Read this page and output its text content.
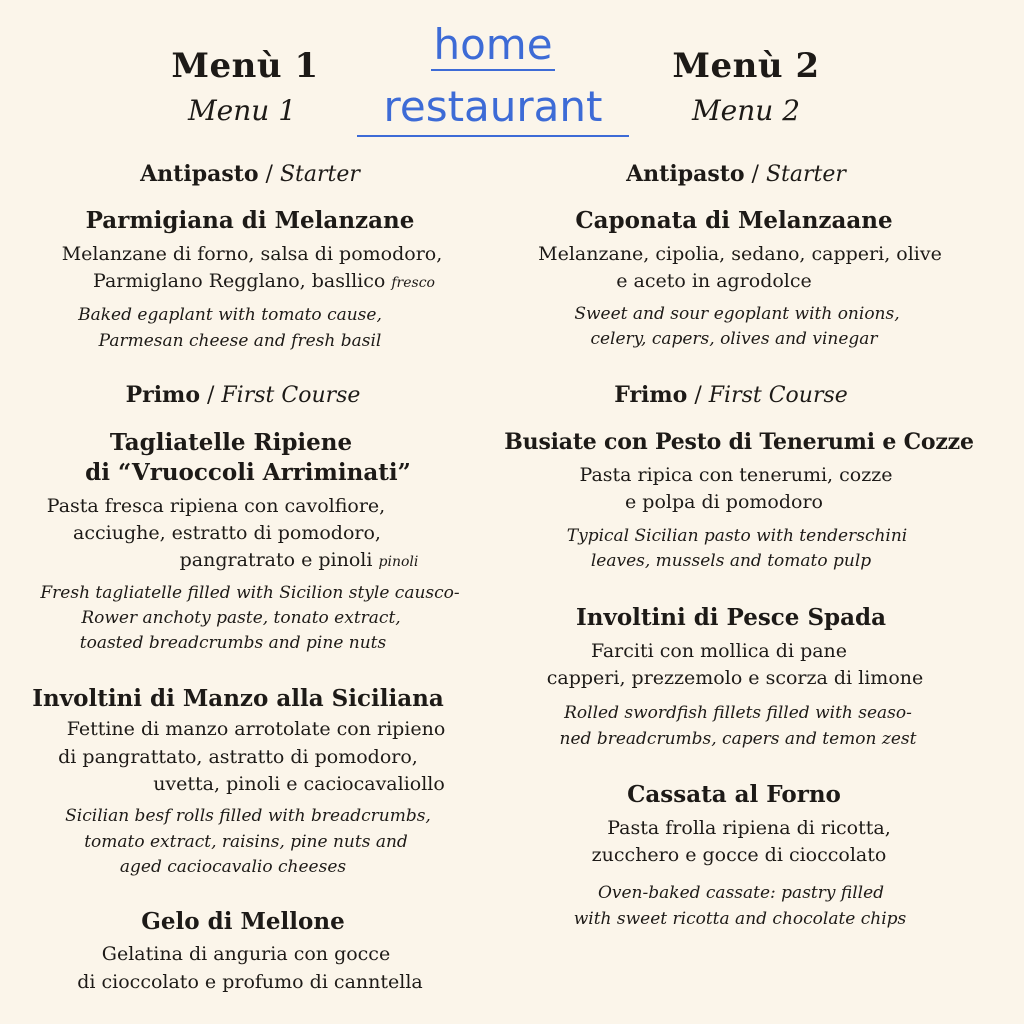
Menù 1
Menu 1
home
restaurant
Menù 2
Menu 2
Antipasto / Starter
Parmigiana di Melanzane
Melanzane di forno, salsa di pomodoro,
Parmiglano Regglano, basllico fresco
Baked egaplant with tomato cause,
Parmesan cheese and fresh basil
Primo / First Course
Tagliatelle Ripiene
di “Vruoccoli Arriminati”
Pasta fresca ripiena con cavolfiore,
acciughe, estratto di pomodoro,
pangratrato e pinoli pinoli
Fresh tagliatelle filled with Sicilion style causco-
Rower anchoty paste, tonato extract,
toasted breadcrumbs and pine nuts
Involtini di Manzo alla Siciliana
Fettine di manzo arrotolate con ripieno
di pangrattato, astratto di pomodoro,
uvetta, pinoli e caciocavaliollo
Sicilian besf rolls filled with breadcrumbs,
tomato extract, raisins, pine nuts and
aged caciocavalio cheeses
Gelo di Mellone
Gelatina di anguria con gocce
di cioccolato e profumo di canntella
Antipasto / Starter
Caponata di Melanzaane
Melanzane, cipolia, sedano, capperi, olive
e aceto in agrodolce
Sweet and sour egoplant with onions,
celery, capers, olives and vinegar
Frimo / First Course
Busiate con Pesto di Tenerumi e Cozze
Pasta ripica con tenerumi, cozze
e polpa di pomodoro
Typical Sicilian pasto with tenderschini
leaves, mussels and tomato pulp
Involtini di Pesce Spada
Farciti con mollica di pane
capperi, prezzemolo e scorza di limone
Rolled swordfish fillets filled with seaso-
ned breadcrumbs, capers and temon zest
Cassata al Forno
Pasta frolla ripiena di ricotta,
zucchero e gocce di cioccolato
Oven-baked cassate: pastry filled
with sweet ricotta and chocolate chips
